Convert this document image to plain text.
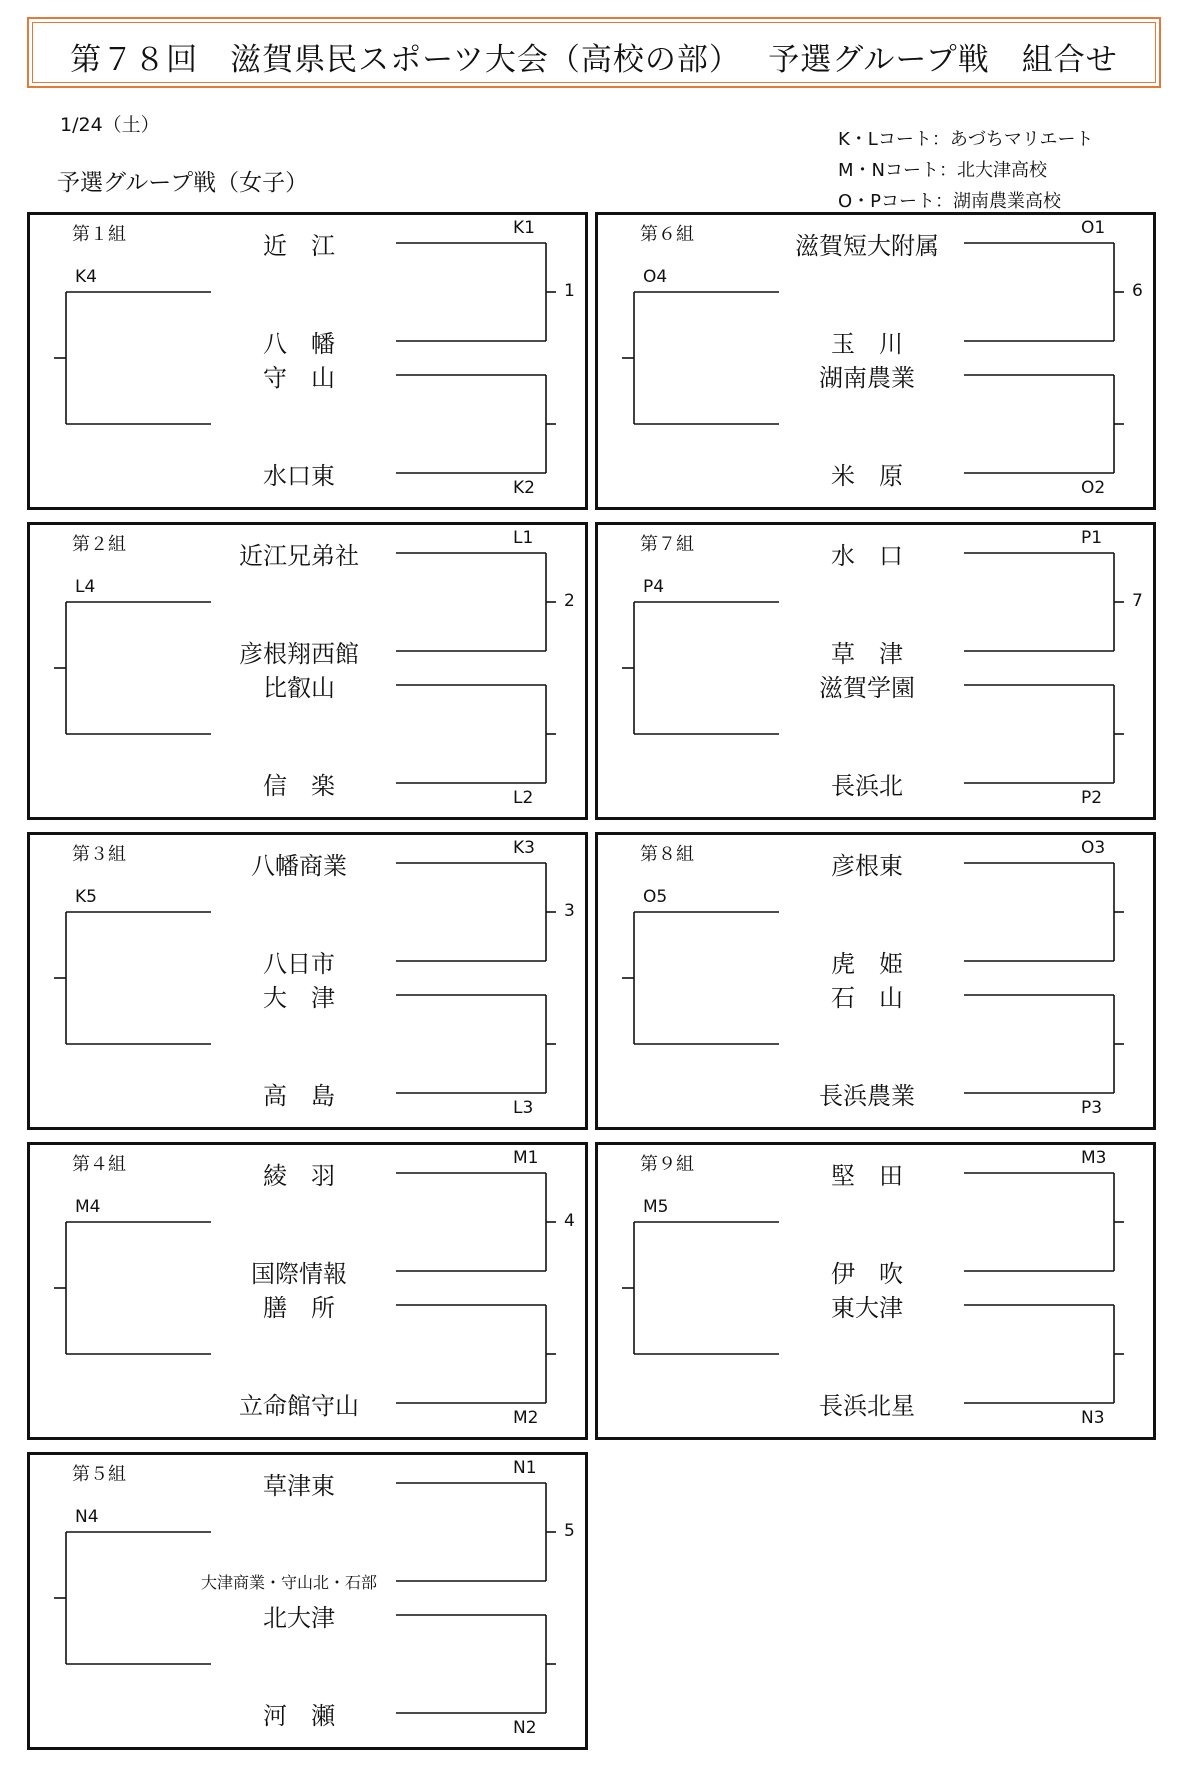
第７８回　滋賀県民スポーツ大会（高校の部）　 予選グループ戦　組合せ
1/24（土）
予選グループ戦（女子）
K・Lコート：あづちマリエート
M・Nコート：北大津高校
O・Pコート：湖南農業高校
第１組	近　江
八　幡
守　山
水口東
K1
K2
K4
1
第２組	近江兄弟社
彦根翔西館
比叡山
信　楽
L1
L2
L4
2
第３組	八幡商業
八日市
大　津
高　島
K3
L3
K5
3
第４組	綾　羽
国際情報
膳　所
立命館守山
M1
M2
M4
4
第５組	草津東
大津商業・守山北・石部
北大津
河　瀬
N1
N2
N4
5
第６組	滋賀短大附属
玉　川
湖南農業
米　原
O1
O2
O4
6
第７組	水　口
草　津
滋賀学園
長浜北
P1
P2
P4
7
第８組	彦根東
虎　姫
石　山
長浜農業
O3
P3
O5
第９組	堅　田
伊　吹
東大津
長浜北星
M3
N3
M5
